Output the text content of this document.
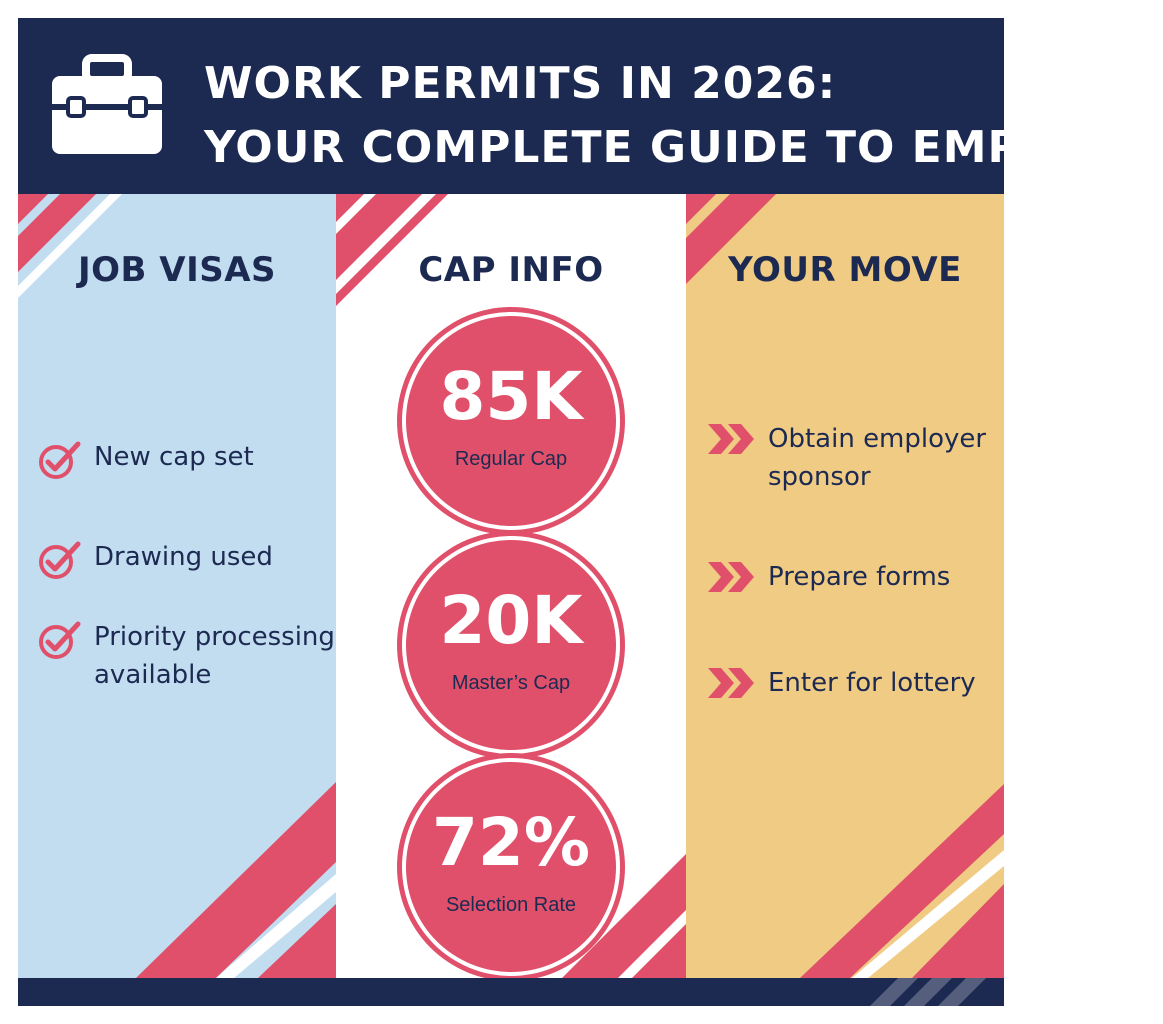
WORK PERMITS IN 2026:
YOUR COMPLETE GUIDE TO EMPLOYM
JOB VISAS
New cap set
Drawing used
Priority processing available
CAP INFO
85K
Regular Cap
20K
Master’s Cap
72%
Selection Rate
YOUR MOVE
Obtain employer sponsor
Prepare forms
Enter for lottery
